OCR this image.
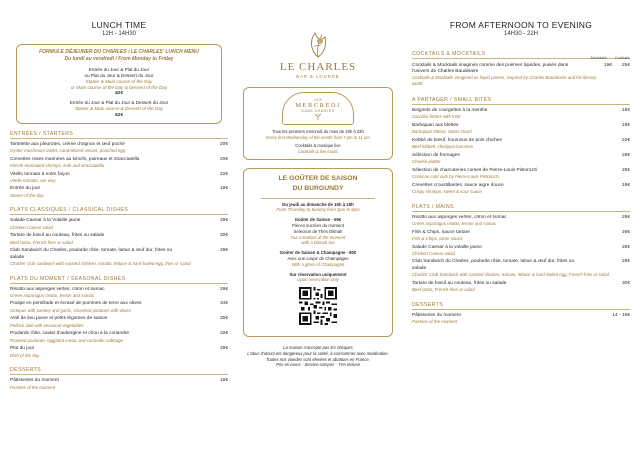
LUNCH TIME
12H - 14H30
FORMULE DÉJEUNER DU CHARLES / LE CHARLES' LUNCH MENU
Du lundi au vendredi / From Monday to Friday
Entrée du Jour & Plat du Jour
ou Plat du Jour & Dessert du Jour
Starter & Main course of the Day
or Main course of the Day & Dessert of the Day
42€
Entrée du Jour & Plat du Jour & Dessert du Jour
Starter & Main course & Dessert of the Day
52€
ENTRÉES / STARTERS
Tartelette aux pleurotes, crème d'oignon et œuf poché
Oyster mushroom tartlet, caramelized onions, poached egg
20€
Crevettes roses marinées au kimchi, poireaux et stracciatella
Kimchi-marinated shrimps, leek and stracciatella
20€
Vitello tonnato à notre façon
Vitello tonnato, our way
22€
Entrée du jour
Starter of the day
18€
PLATS CLASSIQUES / CLASSICAL DISHES
Salade Caesar à la Volaille jaune
Chicken Caesar salad
28€
Tartare de bœuf au couteau, frites ou salade
Beef tartar, French fries or salad
30€
Club Sandwich du Charles, poularde rôtie, tomate, laitue & œuf dur, frites ou salade
Charles' club sandwich with roasted chicken, tomato, lettuce & hard-boiled egg, fries or salad
28€
PLATS DU MOMENT / SEASONAL DISHES
Risotto aux asperges vertes, citron et sumac
Green asparagus risotto, lemon and sumac
28€
Poulpe en persillade et écrasé de pommes de terre aux olives
Octopus with parsley and garlic, smashed potatoes with olives
34€
Aïoli de lieu jaune et petits légumes de saison
Pollock aioli with seasonal vegetables
30€
Poularde rôtie, caviar d'aubergine et chou à la coriandre
Roasted poularde, eggplant caviar and coriander cabbage
32€
Plat du jour
Dish of the day
28€
DESSERTS
Pâtisseries du moment
Pastries of the moment
16€
LE CHARLES
BAR & LOUNGE
LES
MERCREDI
DANS CHARLES
Tous les premiers mercredi du mois de 19h à 23h
Every first Wednesday of the month from 7 pm to 11 pm
Cocktails & musique live
Cocktails & live music
LE GOÛTER DE SAISON
DU BURGUNDY
Du jeudi au dimanche de 15h à 18h
From Thursday to Sunday from 3pm to 6pm
Goûter de Saison - 65€
Pièces sucrées du moment
Sélection de Thés Dilmah
Our creations of the moment
with a Dilmah tea
Goûter de Saison & Champagne - 80€
Avec une coupe de Champagne
With a glass of Champagne
Sur réservation uniquement
Upon reservation only
La maison n'accepte pas les chèques
L'abus d'alcool est dangereux pour la santé, à consommer avec modération.
Toutes nos viandes sont élevées et abattues en France.
Prix en euros - Service compris - TVA incluse
FROM AFTERNOON TO EVENING
14H30 - 22H
COCKTAILS & MOCKTAILS
Mocktails Cocktails
Cocktails & Mocktails imaginés comme des poèmes liquides, puisés dans l'univers de Charles Baudelaire
Cocktails & Mocktails imagined as liquid poems, inspired by Charles Baudelaire and his literary world
16€ 25€
A PARTAGER / SMALL BITES
Beignets de courgettes à la menthe
Zucchini fritters with mint
18€
Barbajuan aux blettes
Barbajuan fritters, Swiss chard
18€
Kebbé de bœuf, houmous de pois chiches
Beef kibbeh, chickpea hummus
22€
Sélection de fromages
Cheese platter
28€
Sélection de charcuteries corses de Pierre-Louis Pistorozzi
Corsican cold cuts by Pierre-Louis Pistorozzi
28€
Crevettes croustillantes, sauce aigre douce
Crispy shrimps, sweet & sour sauce
18€
PLATS / MAINS
Risotto aux asperges vertes, citron et sumac
Green asparagus risotto, lemon and sumac
28€
Fish & Chips, sauce tartare
Fish & Chips, tartar sauce
26€
Salade Caesar à la volaille jaune
Chicken Caesar salad
28€
Club Sandwich du Charles, poularde rôtie, tomate, laitue & œuf dur, frites ou salade
Charles' Club Sandwich with roasted chicken, tomato, lettuce & hard-boiled egg, French fries or salad
28€
Tartare de bœuf au couteau, frites ou salade
Beef tartar, French fries or salad
30€
DESSERTS
Pâtisseries du moment
Pastries of the moment
14 - 16€
